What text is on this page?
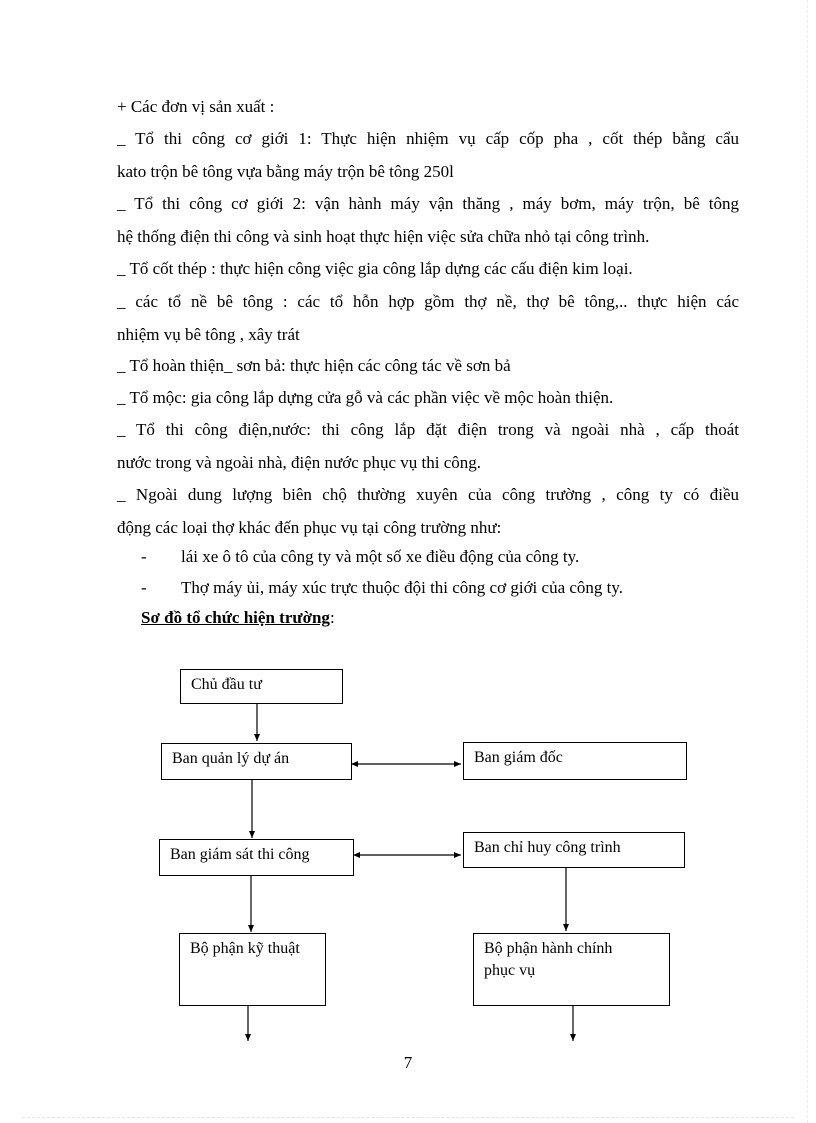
+ Các đơn vị sản xuất :
_ Tổ thi công cơ giới 1: Thực hiện nhiệm vụ cấp cốp pha , cốt thép bằng cẩu
kato trộn bê tông vựa bằng máy trộn bê tông 250l
_ Tổ thi công cơ giới 2: vận hành máy vận thăng , máy bơm, máy trộn, bê tông
hệ thống điện thi công và sinh hoạt thực hiện việc sửa chữa nhỏ tại công trình.
_ Tổ cốt thép : thực hiện công việc gia công lắp dựng các cấu điện kim loại.
_ các tổ nề bê tông : các tổ hỗn hợp gồm thợ nề, thợ bê tông,.. thực hiện các
nhiệm vụ bê tông , xây trát
_ Tổ hoàn thiện_ sơn bả: thực hiện các công tác về sơn bả
_ Tổ mộc: gia công lắp dựng cửa gỗ và các phần việc về mộc hoàn thiện.
_ Tổ thi công điện,nước: thi công lắp đặt điện trong và ngoài nhà , cấp thoát
nước trong và ngoài nhà, điện nước phục vụ thi công.
_ Ngoài dung lượng biên chộ thường xuyên của công trường , công ty có điều
động các loại thợ khác đến phục vụ tại công trường như:
- lái xe ô tô của công ty và một số xe điều động của công ty.
- Thợ máy ủi, máy xúc trực thuộc đội thi công cơ giới của công ty.
Sơ đồ tổ chức hiện trường:
Chủ đầu tư
Ban quản lý dự án	Ban giám đốc
Ban giám sát thi công	Ban chỉ huy công trình
Bộ phận kỹ thuật	Bộ phận hành chính
phục vụ
7
